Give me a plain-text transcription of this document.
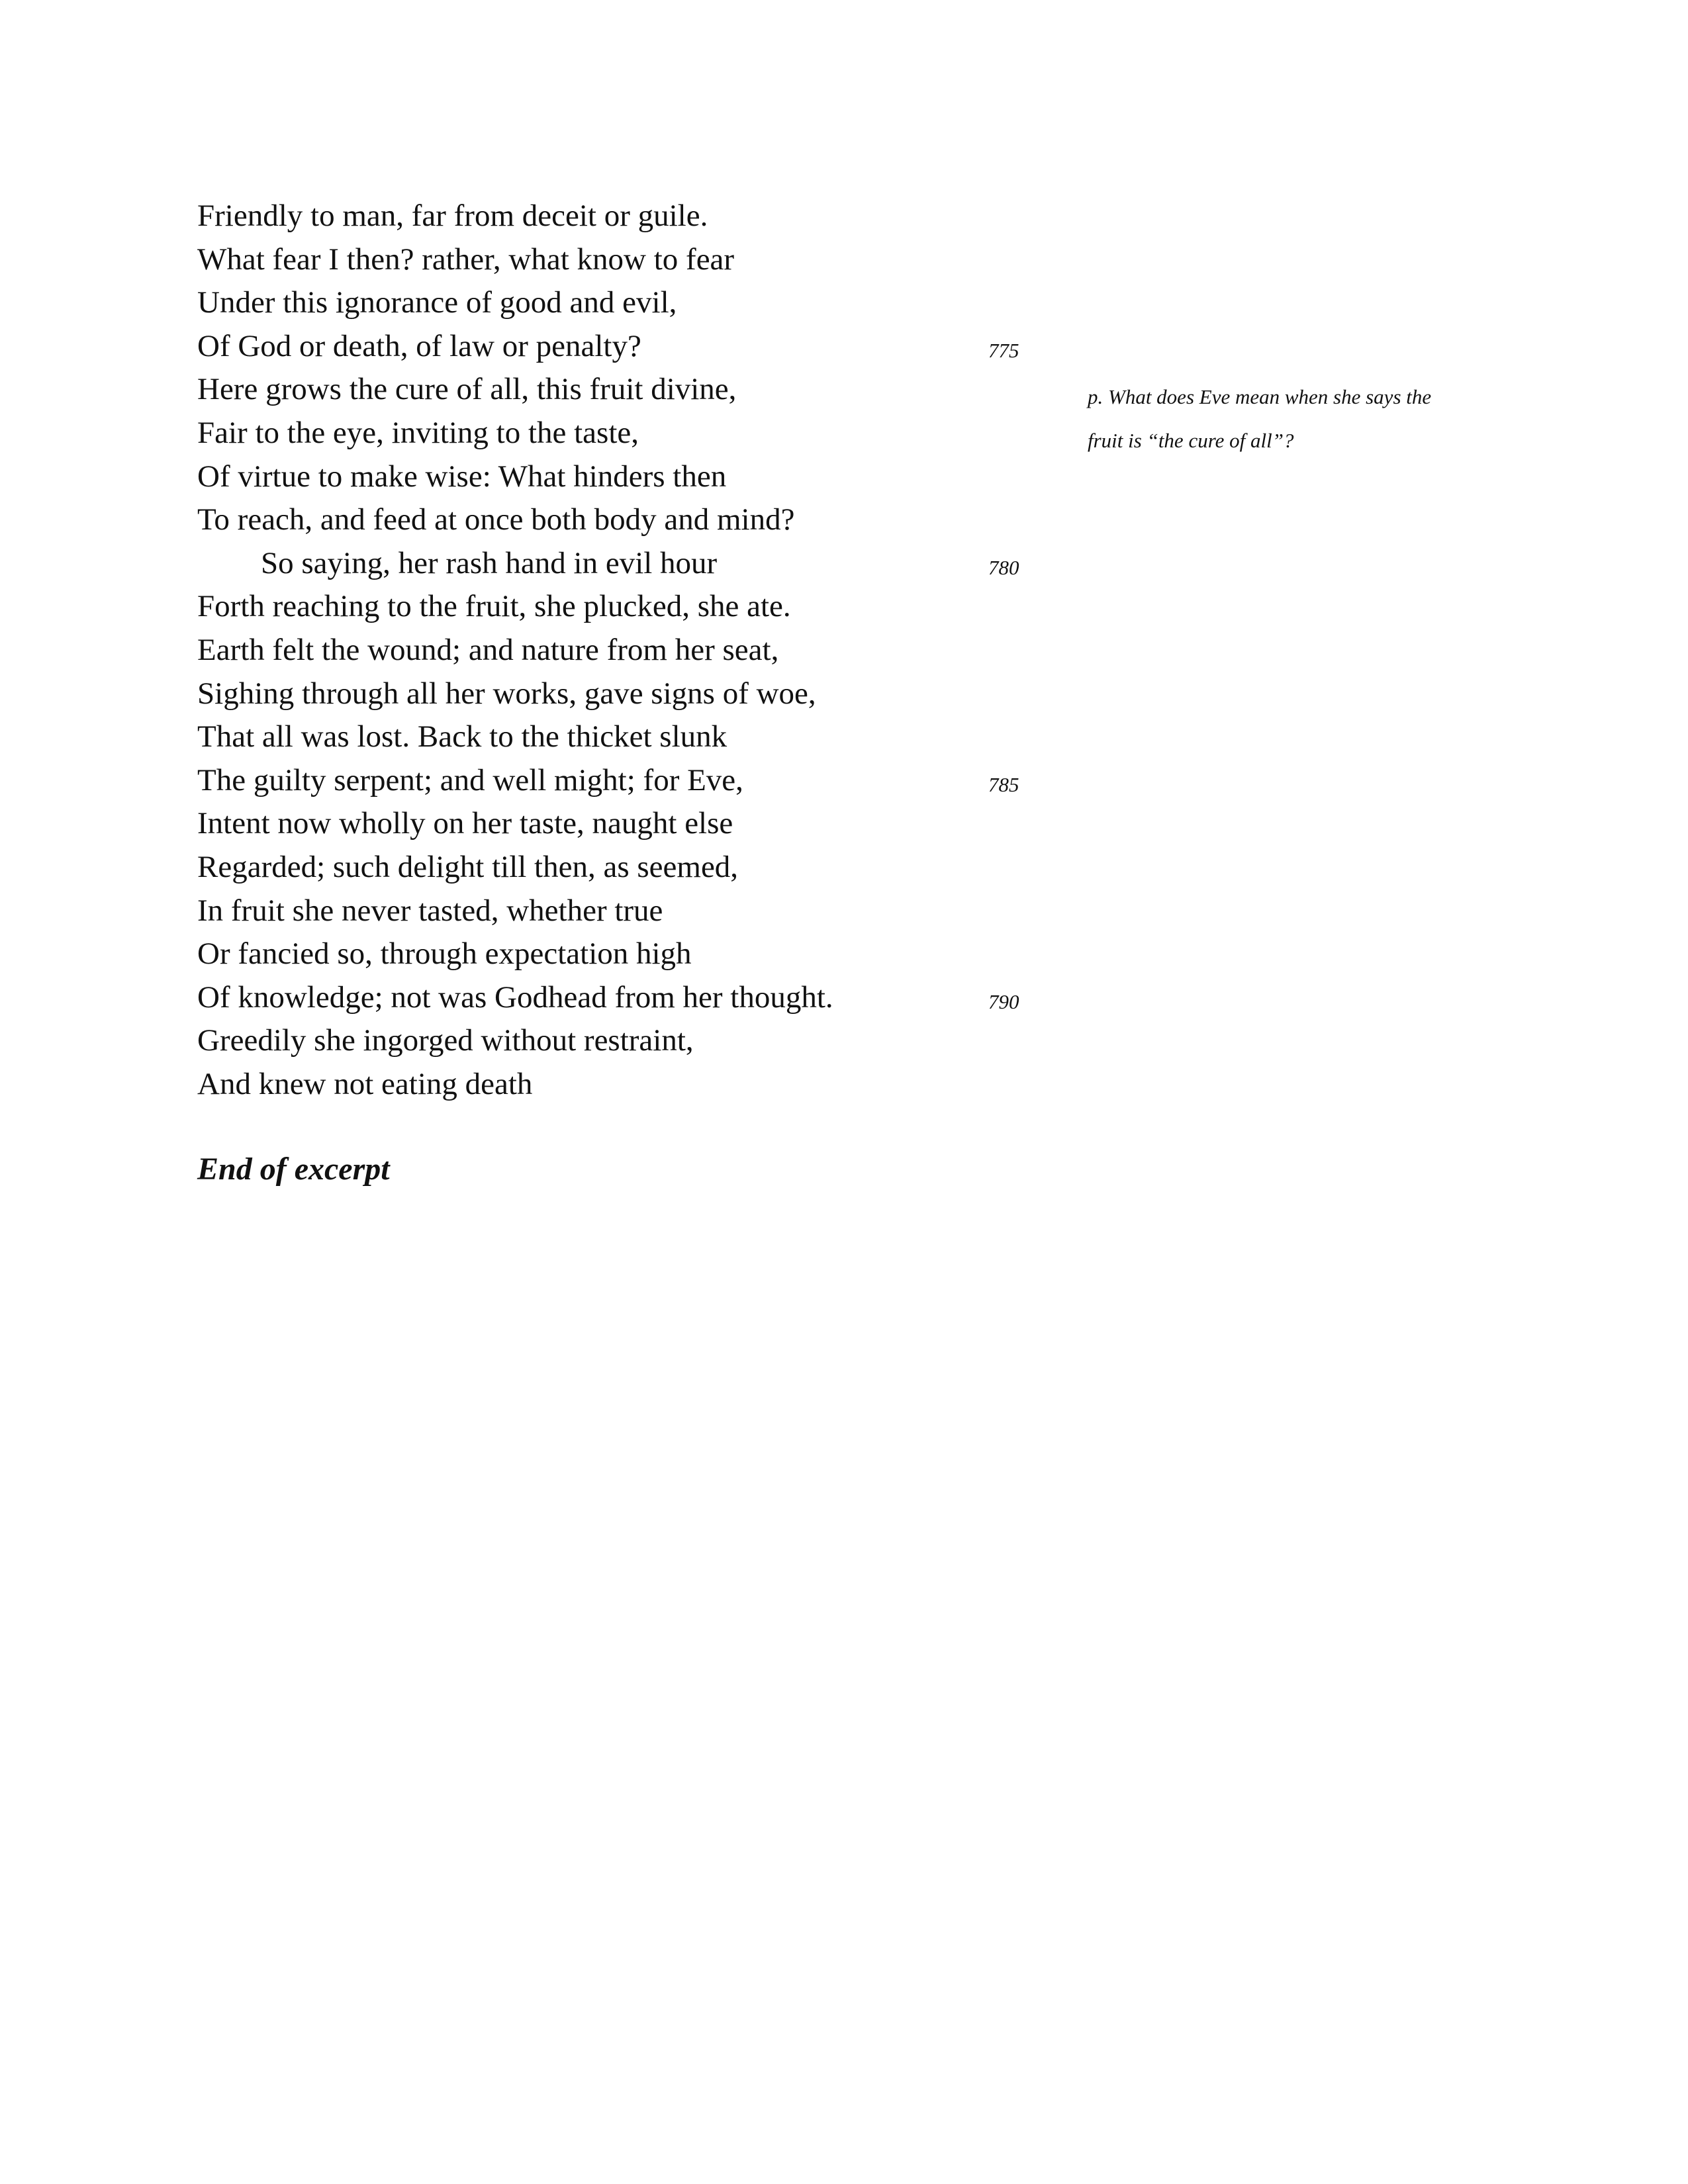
Friendly to man, far from deceit or guile.
What fear I then? rather, what know to fear
Under this ignorance of good and evil,
Of God or death, of law or penalty?	775
Here grows the cure of all, this fruit divine,
Fair to the eye, inviting to the taste,
Of virtue to make wise: What hinders then
To reach, and feed at once both body and mind?
So saying, her rash hand in evil hour	780
Forth reaching to the fruit, she plucked, she ate.
Earth felt the wound; and nature from her seat,
Sighing through all her works, gave signs of woe,
That all was lost. Back to the thicket slunk
The guilty serpent; and well might; for Eve,	785
Intent now wholly on her taste, naught else
Regarded; such delight till then, as seemed,
In fruit she never tasted, whether true
Or fancied so, through expectation high
Of knowledge; not was Godhead from her thought.	790
Greedily she ingorged without restraint,
And knew not eating death
p. What does Eve mean when she says the
fruit is “the cure of all”?
End of excerpt
